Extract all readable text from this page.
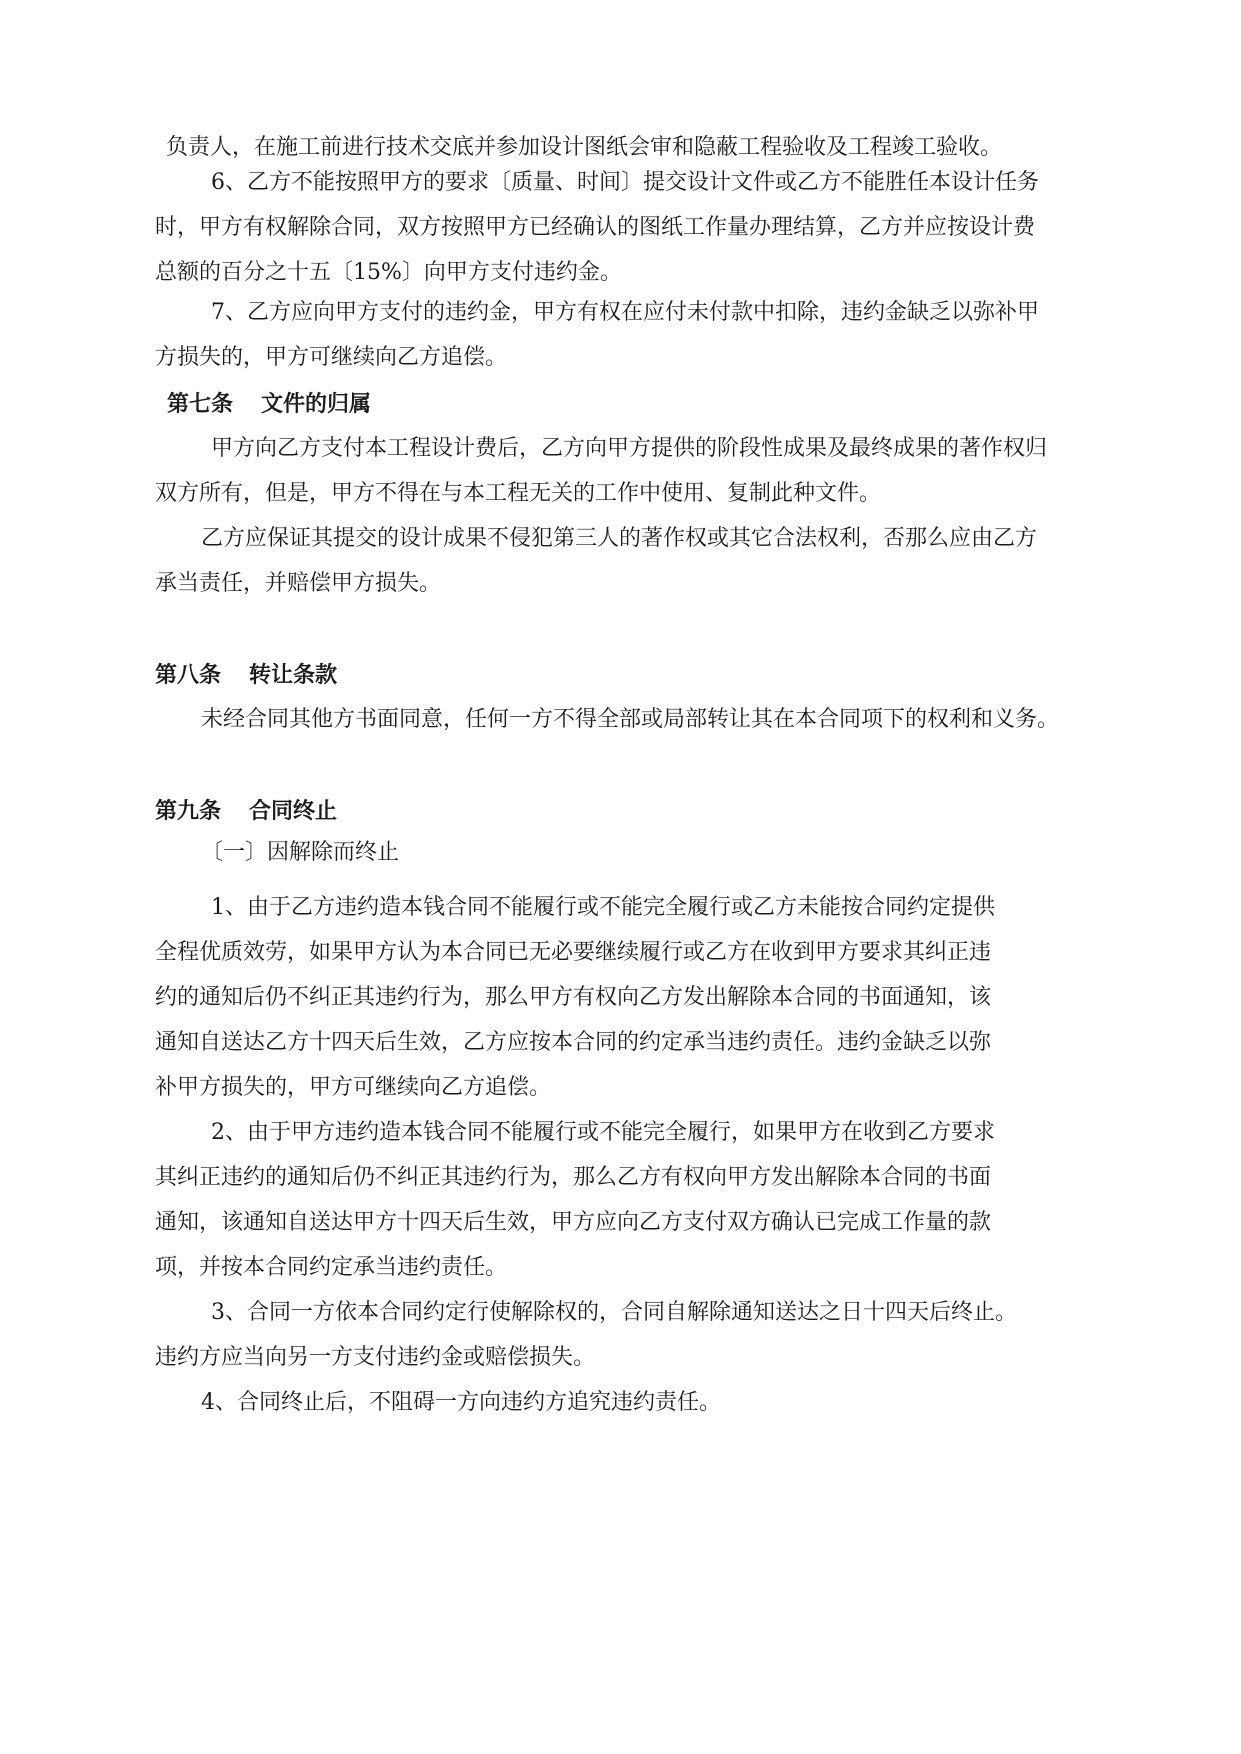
负责人，在施工前进行技术交底并参加设计图纸会审和隐蔽工程验收及工程竣工验收。
6、乙方不能按照甲方的要求〔质量、时间〕提交设计文件或乙方不能胜任本设计任务
时，甲方有权解除合同，双方按照甲方已经确认的图纸工作量办理结算，乙方并应按设计费
总额的百分之十五〔15%〕向甲方支付违约金。
7、乙方应向甲方支付的违约金，甲方有权在应付未付款中扣除，违约金缺乏以弥补甲
方损失的，甲方可继续向乙方追偿。
第七条 文件的归属
甲方向乙方支付本工程设计费后，乙方向甲方提供的阶段性成果及最终成果的著作权归
双方所有，但是，甲方不得在与本工程无关的工作中使用、复制此种文件。
乙方应保证其提交的设计成果不侵犯第三人的著作权或其它合法权利，否那么应由乙方
承当责任，并赔偿甲方损失。
第八条 转让条款
未经合同其他方书面同意，任何一方不得全部或局部转让其在本合同项下的权利和义务。
第九条 合同终止
〔一〕因解除而终止
1、由于乙方违约造本钱合同不能履行或不能完全履行或乙方未能按合同约定提供
全程优质效劳，如果甲方认为本合同已无必要继续履行或乙方在收到甲方要求其纠正违
约的通知后仍不纠正其违约行为，那么甲方有权向乙方发出解除本合同的书面通知，该
通知自送达乙方十四天后生效，乙方应按本合同的约定承当违约责任。违约金缺乏以弥
补甲方损失的，甲方可继续向乙方追偿。
2、由于甲方违约造本钱合同不能履行或不能完全履行，如果甲方在收到乙方要求
其纠正违约的通知后仍不纠正其违约行为，那么乙方有权向甲方发出解除本合同的书面
通知，该通知自送达甲方十四天后生效，甲方应向乙方支付双方确认已完成工作量的款
项，并按本合同约定承当违约责任。
3、合同一方依本合同约定行使解除权的，合同自解除通知送达之日十四天后终止。
违约方应当向另一方支付违约金或赔偿损失。
4、合同终止后，不阻碍一方向违约方追究违约责任。
